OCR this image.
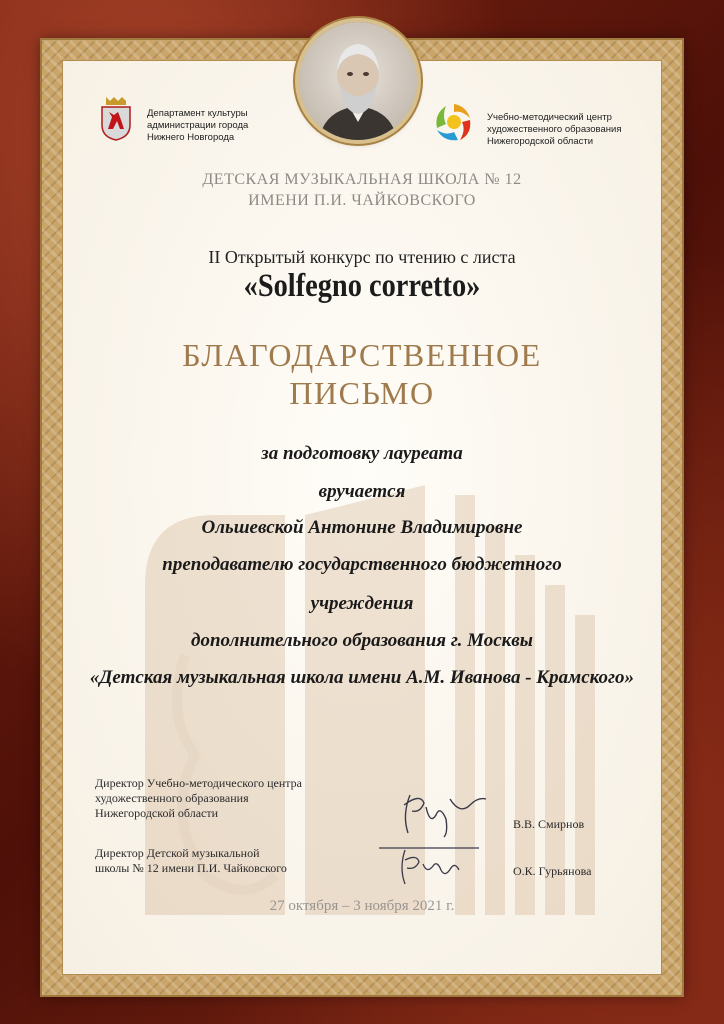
Департамент культуры
администрации города
Нижнего Новгорода
Учебно-методический центр
художественного образования
Нижегородской области
ДЕТСКАЯ МУЗЫКАЛЬНАЯ ШКОЛА № 12
ИМЕНИ П.И. ЧАЙКОВСКОГО
II Открытый конкурс по чтению с листа
«Solfegno corretto»
БЛАГОДАРСТВЕННОЕ
ПИСЬМО
за подготовку лауреата
вручается
Ольшевской Антонине Владимировне
преподавателю государственного бюджетного
учреждения
дополнительного образования г. Москвы
«Детская музыкальная школа имени А.М. Иванова - Крамского»
Директор Учебно-методического центра
художественного образования
Нижегородской области
В.В. Смирнов
Директор Детской музыкальной
школы № 12 имени П.И. Чайковского	О.К. Гурьянова
27 октября – 3 ноября 2021 г.
